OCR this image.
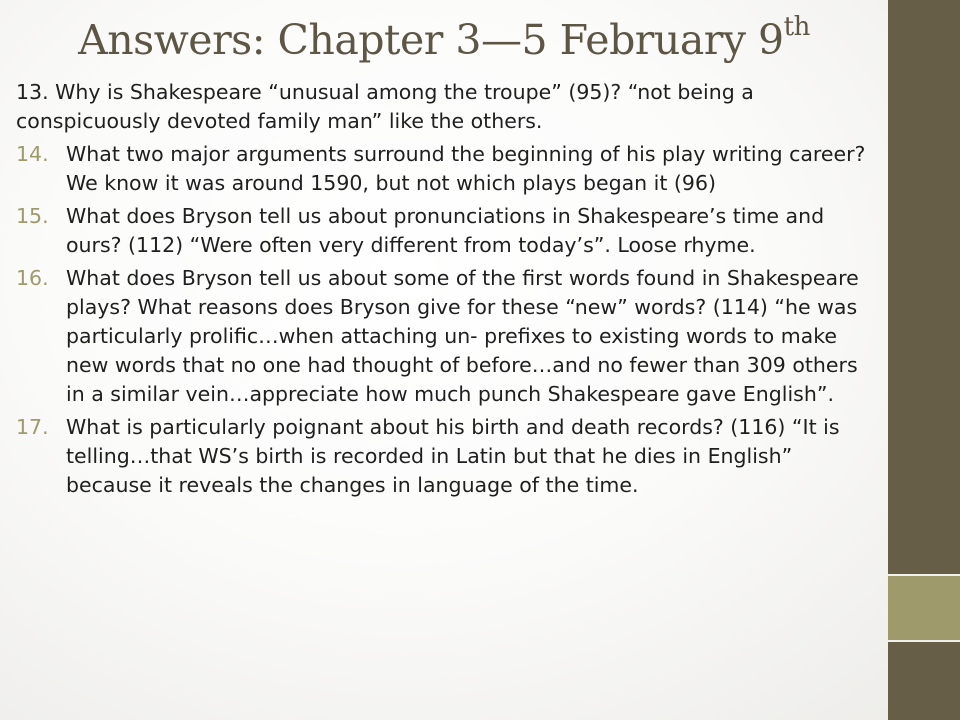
Answers: Chapter 3—5 February 9th

13. Why is Shakespeare “unusual among the troupe” (95)? “not being a conspicuously devoted family man” like the others.

14. What two major arguments surround the beginning of his play writing career? We know it was around 1590, but not which plays began it (96)
15. What does Bryson tell us about pronunciations in Shakespeare’s time and ours? (112) “Were often very different from today’s”. Loose rhyme.
16. What does Bryson tell us about some of the first words found in Shakespeare plays? What reasons does Bryson give for these “new” words? (114) “he was particularly prolific…when attaching un- prefixes to existing words to make new words that no one had thought of before…and no fewer than 309 others in a similar vein…appreciate how much punch Shakespeare gave English”.
17. What is particularly poignant about his birth and death records? (116) “It is telling…that WS’s birth is recorded in Latin but that he dies in English” because it reveals the changes in language of the time.
